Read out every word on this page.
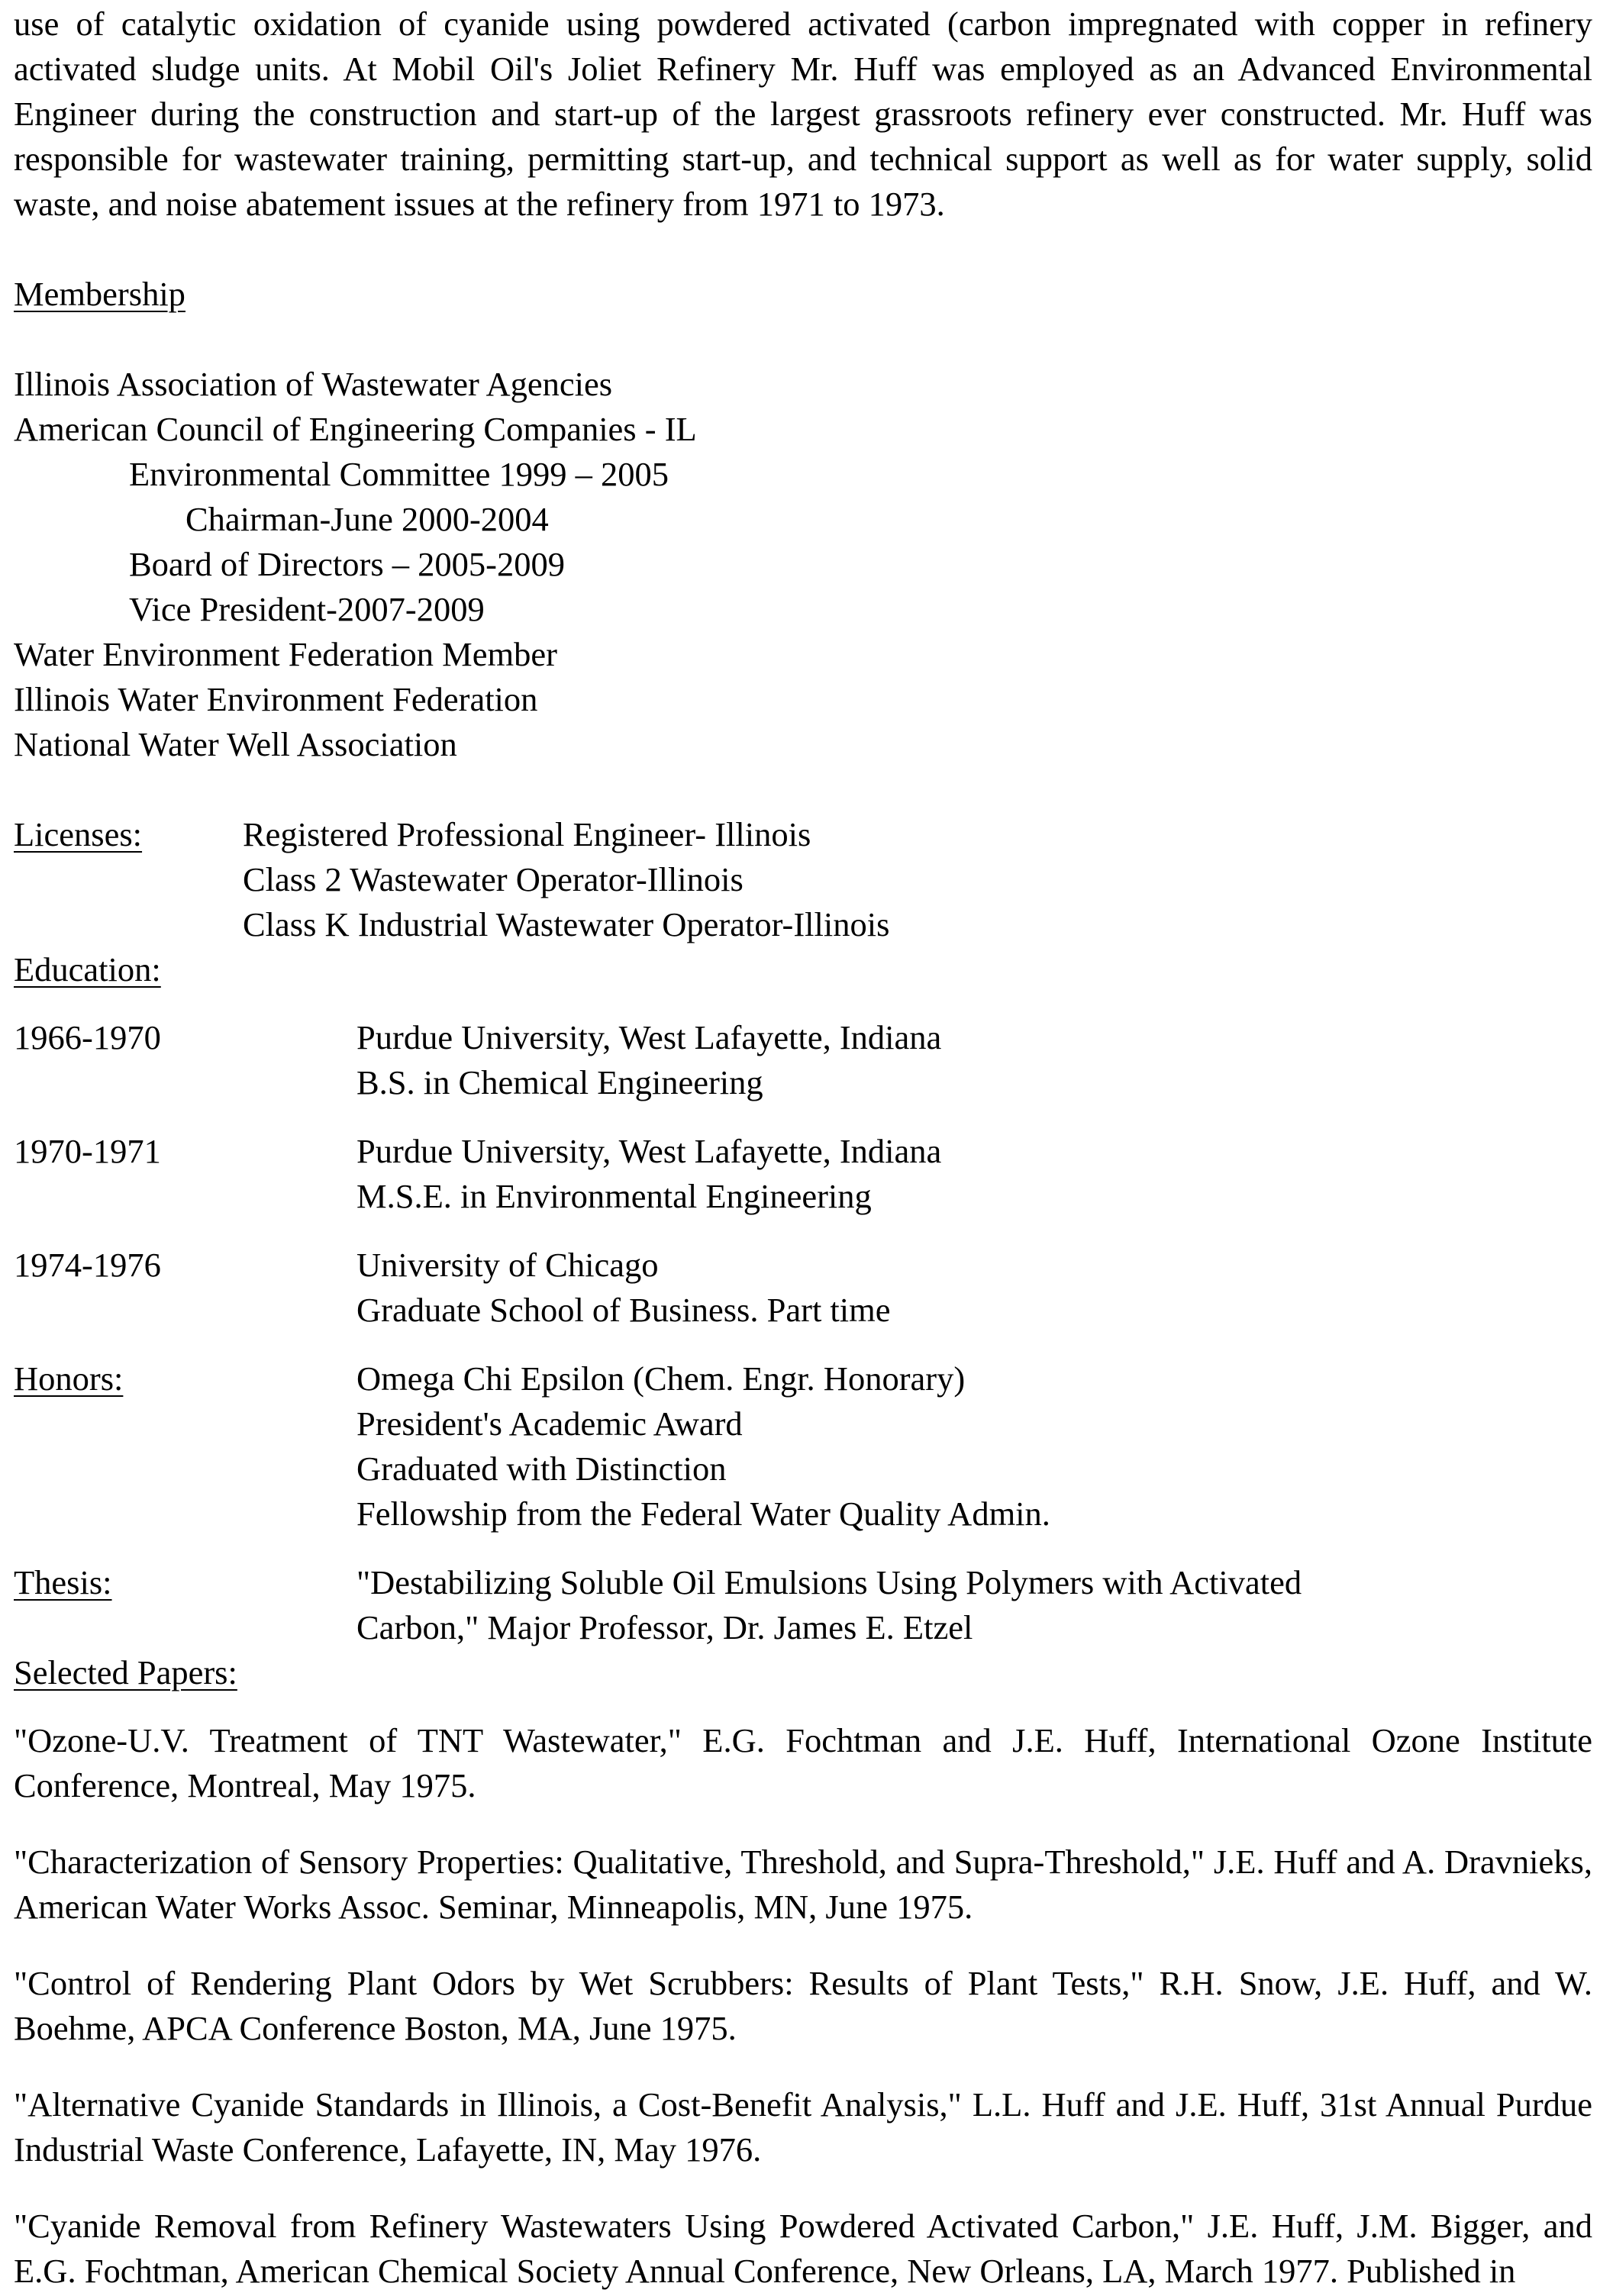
use of catalytic oxidation of cyanide using powdered activated (carbon impregnated with copper in refinery activated sludge units. At Mobil Oil's Joliet Refinery Mr. Huff was employed as an Advanced Environmental Engineer during the construction and start-up of the largest grassroots refinery ever constructed. Mr. Huff was responsible for wastewater training, permitting start-up, and technical support as well as for water supply, solid waste, and noise abatement issues at the refinery from 1971 to 1973.

Membership

Illinois Association of Wastewater Agencies

American Council of Engineering Companies - IL

Environmental Committee 1999 – 2005

Chairman-June 2000-2004

Board of Directors – 2005-2009

Vice President-2007-2009

Water Environment Federation Member

Illinois Water Environment Federation

National Water Well Association

Licenses:	Registered Professional Engineer- Illinois

Class 2 Wastewater Operator-Illinois

Class K Industrial Wastewater Operator-Illinois

Education:

1966-1970	Purdue University, West Lafayette, Indiana

B.S. in Chemical Engineering

1970-1971	Purdue University, West Lafayette, Indiana

M.S.E. in Environmental Engineering

1974-1976	University of Chicago

Graduate School of Business. Part time

Honors:	Omega Chi Epsilon (Chem. Engr. Honorary)

President's Academic Award

Graduated with Distinction

Fellowship from the Federal Water Quality Admin.

Thesis:	"Destabilizing Soluble Oil Emulsions Using Polymers with Activated

Carbon," Major Professor, Dr. James E. Etzel

Selected Papers:

"Ozone-U.V. Treatment of TNT Wastewater," E.G. Fochtman and J.E. Huff, International Ozone Institute Conference, Montreal, May 1975.

"Characterization of Sensory Properties: Qualitative, Threshold, and Supra-Threshold," J.E. Huff and A. Dravnieks, American Water Works Assoc. Seminar, Minneapolis, MN, June 1975.

"Control of Rendering Plant Odors by Wet Scrubbers: Results of Plant Tests," R.H. Snow, J.E. Huff, and W. Boehme, APCA Conference Boston, MA, June 1975.

"Alternative Cyanide Standards in Illinois, a Cost-Benefit Analysis," L.L. Huff and J.E. Huff, 31st Annual Purdue Industrial Waste Conference, Lafayette, IN, May 1976.

"Cyanide Removal from Refinery Wastewaters Using Powdered Activated Carbon," J.E. Huff, J.M. Bigger, and E.G. Fochtman, American Chemical Society Annual Conference, New Orleans, LA, March 1977. Published in
